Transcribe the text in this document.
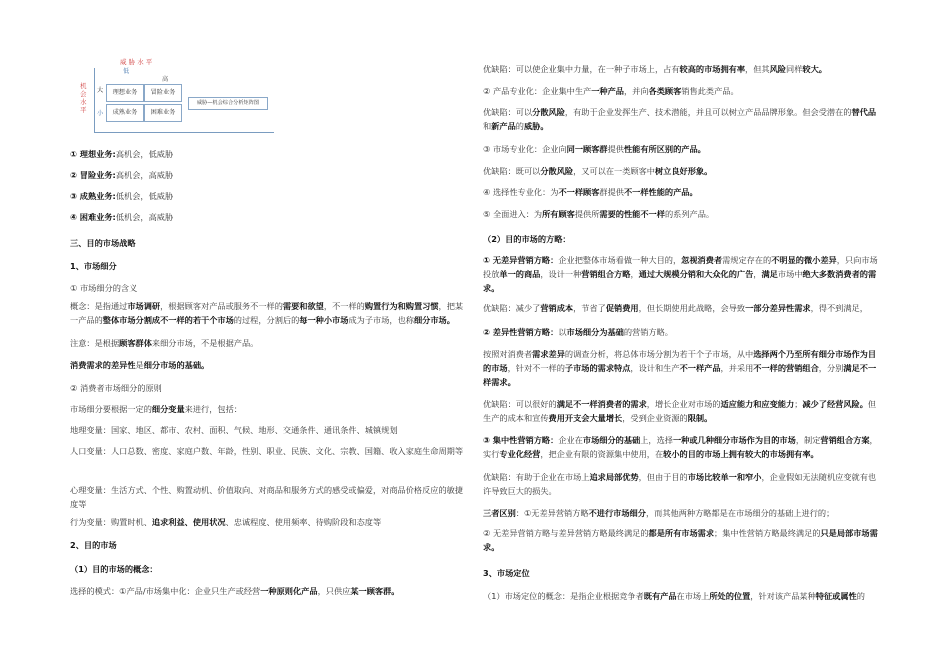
威 胁 水 平
低
高
机会水平
大
小
理想业务	冒险业务
成熟业务	困难业务
威胁—机会综合分析矩阵图

① 理想业务:高机会，低威胁

② 冒险业务:高机会，高威胁

③ 成熟业务:低机会，低威胁

④ 困难业务:低机会，高威胁

三、目的市场战略

1、市场细分

① 市场细分的含义

概念：是指通过市场调研，根据顾客对产品或服务不一样的需要和欲望，不一样的购置行为和购置习惯，把某一产品的整体市场分割成不一样的若干个市场的过程，分割后的每一种小市场成为子市场，也称细分市场。

注意：是根据顾客群体来细分市场，不是根据产品。

消费需求的差异性是细分市场的基础。

② 消费者市场细分的原则

市场细分要根据一定的细分变量来进行，包括：

地理变量：国家、地区、都市、农村、面积、气候、地形、交通条件、通讯条件、城镇规划

人口变量：人口总数、密度、家庭户数、年龄，性别、职业、民族、文化、宗教、国籍、收入家庭生命周期等

心理变量：生活方式、个性、购置动机、价值取向、对商品和服务方式的感受或偏爱，对商品价格反应的敏捷度等

行为变量：购置时机、追求利益、使用状况、忠诚程度、使用频率、待购阶段和态度等

2、目的市场

（1）目的市场的概念：

选择的模式：①产品/市场集中化：企业只生产或经营一种原则化产品，只供应某一顾客群。

优缺陷：可以使企业集中力量，在一种子市场上，占有较高的市场拥有率，但其风险同样较大。

② 产品专业化：企业集中生产一种产品，并向各类顾客销售此类产品。

优缺陷：可以分散风险，有助于企业发挥生产、技术潜能，并且可以树立产品品牌形象。但会受潜在的替代品和新产品的威胁。

③ 市场专业化：企业向同一顾客群提供性能有所区别的产品。

优缺陷：既可以分散风险，又可以在一类顾客中树立良好形象。

④ 选择性专业化：为不一样顾客群提供不一样性能的产品。

⑤ 全面进入：为所有顾客提供所需要的性能不一样的系列产品。

（2）目的市场的方略：

① 无差异营销方略：企业把整体市场看做一种大目的，忽视消费者需规定存在的不明显的微小差异，只向市场投放单一的商品，设计一种营销组合方略，通过大规模分销和大众化的广告，满足市场中绝大多数消费者的需求。

优缺陷：减少了营销成本，节省了促销费用，但长期使用此战略，会导致一部分差异性需求，得不到满足，

② 差异性营销方略：以市场细分为基础的营销方略。

按照对消费者需求差异的调查分析，将总体市场分割为若干个子市场，从中选择两个乃至所有细分市场作为目的市场，针对不一样的子市场的需求特点，设计和生产不一样产品，并采用不一样的营销组合，分别满足不一样需求。

优缺陷：可以很好的满足不一样消费者的需求，增长企业对市场的适应能力和应变能力；减少了经营风险。但生产的成本和宣传费用开支会大量增长，受到企业资源的限制。

③ 集中性营销方略：企业在市场细分的基础上，选择一种或几种细分市场作为目的市场，制定营销组合方案，实行专业化经营，把企业有限的资源集中使用，在较小的目的市场上拥有较大的市场拥有率。

优缺陷：有助于企业在市场上追求局部优势，但由于目的市场比较单一和窄小，企业假如无法随机应变就有也许导致巨大的损失。

三者区别：①无差异营销方略不进行市场细分，而其他两种方略都是在市场细分的基础上进行的；

② 无差异营销方略与差异营销方略最终满足的都是所有市场需求；集中性营销方略最终满足的只是局部市场需求。

3、市场定位

（1）市场定位的概念：是指企业根据竞争者既有产品在市场上所处的位置，针对该产品某种特征或属性的
